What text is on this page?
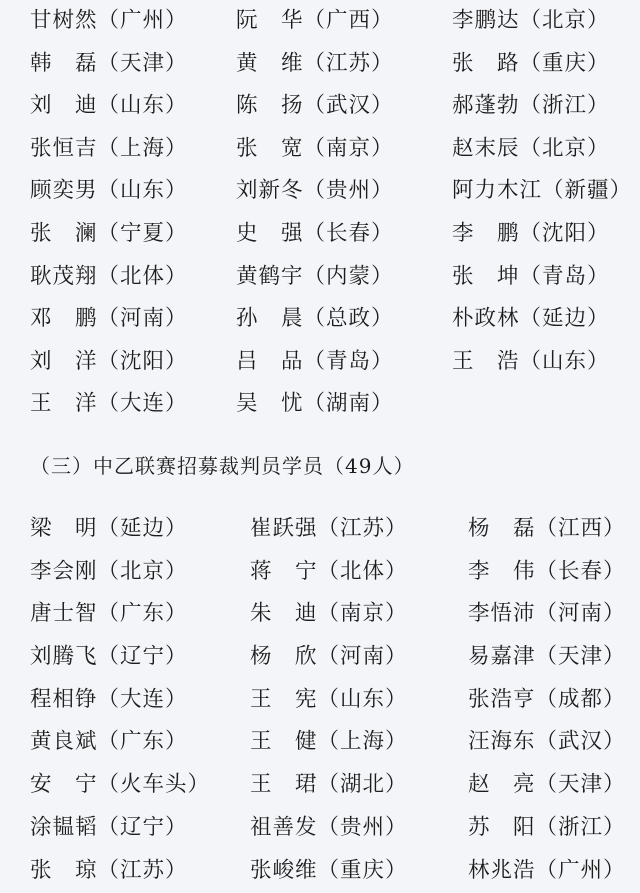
甘树然（广州）	阮　华（广西）	李鹏达（北京）
韩　磊（天津）	黄　维（江苏）	张　路（重庆）
刘　迪（山东）	陈　扬（武汉）	郝蓬勃（浙江）
张恒吉（上海）	张　宽（南京）	赵末辰（北京）
顾奕男（山东）	刘新冬（贵州）	阿力木江（新疆）
张　澜（宁夏）	史　强（长春）	李　鹏（沈阳）
耿茂翔（北体）	黄鹤宇（内蒙）	张　坤（青岛）
邓　鹏（河南）	孙　晨（总政）	朴政林（延边）
刘　洋（沈阳）	吕　品（青岛）	王　浩（山东）
王　洋（大连）	吴　忧（湖南）
（三）中乙联赛招募裁判员学员（49人）
梁　明（延边）	崔跃强（江苏）	杨　磊（江西）
李会刚（北京）	蒋　宁（北体）	李　伟（长春）
唐士智（广东）	朱　迪（南京）	李悟沛（河南）
刘腾飞（辽宁）	杨　欣（河南）	易嘉津（天津）
程相铮（大连）	王　宪（山东）	张浩亨（成都）
黄良斌（广东）	王　健（上海）	汪海东（武汉）
安　宁（火车头）	王　珺（湖北）	赵　亮（天津）
涂韫韬（辽宁）	祖善发（贵州）	苏　阳（浙江）
张　琼（江苏）	张峻维（重庆）	林兆浩（广州）
